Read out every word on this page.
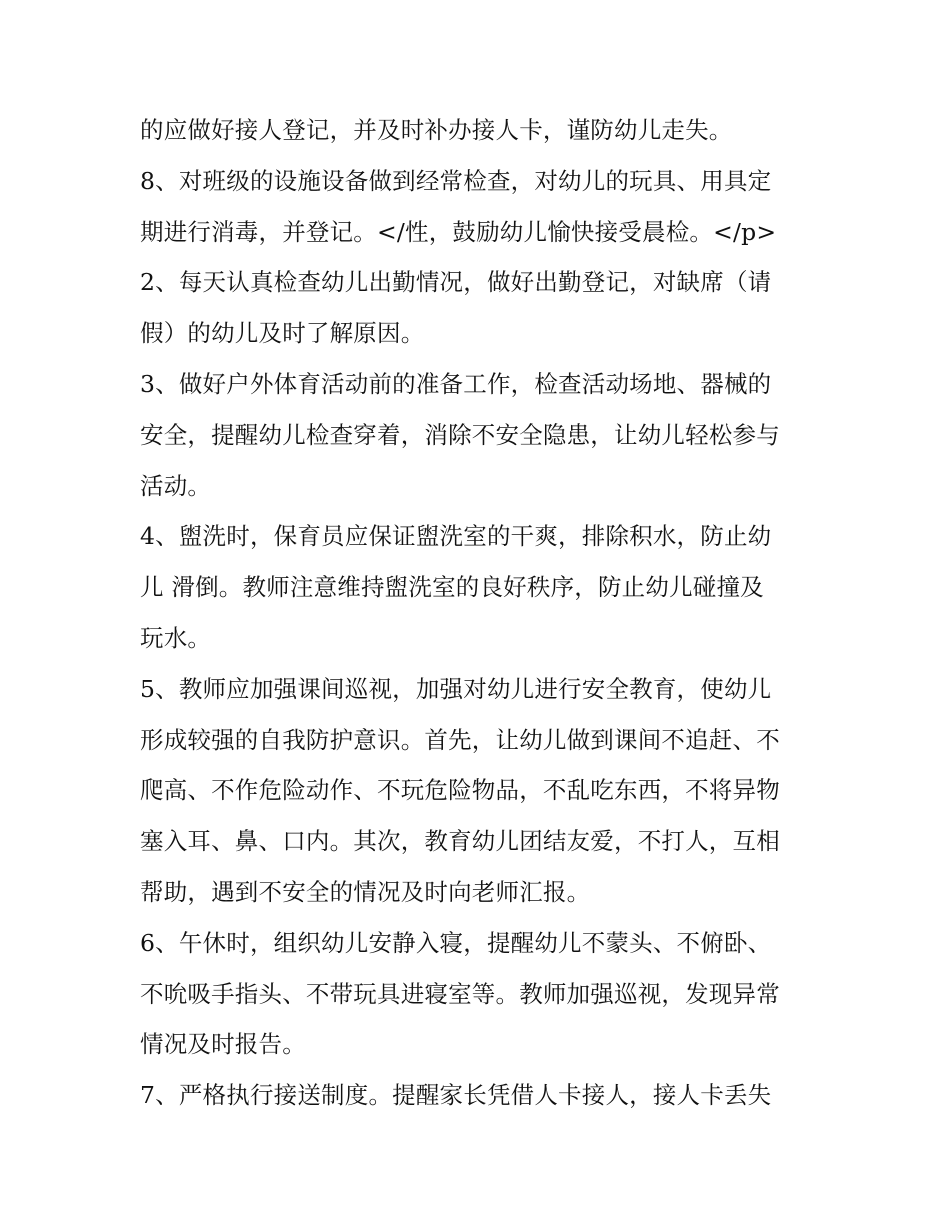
的应做好接人登记，并及时补办接人卡，谨防幼儿走失。
8、对班级的设施设备做到经常检查，对幼儿的玩具、用具定
期进行消毒，并登记。</性，鼓励幼儿愉快接受晨检。</p>
2、每天认真检查幼儿出勤情况，做好出勤登记，对缺席（请
假）的幼儿及时了解原因。
3、做好户外体育活动前的准备工作，检查活动场地、器械的
安全，提醒幼儿检查穿着，消除不安全隐患，让幼儿轻松参与
活动。
4、盥洗时，保育员应保证盥洗室的干爽，排除积水，防止幼
儿 滑倒。教师注意维持盥洗室的良好秩序，防止幼儿碰撞及
玩水。
5、教师应加强课间巡视，加强对幼儿进行安全教育，使幼儿
形成较强的自我防护意识。首先，让幼儿做到课间不追赶、不
爬高、不作危险动作、不玩危险物品，不乱吃东西，不将异物
塞入耳、鼻、口内。其次，教育幼儿团结友爱，不打人，互相
帮助，遇到不安全的情况及时向老师汇报。
6、午休时，组织幼儿安静入寝，提醒幼儿不蒙头、不俯卧、
不吮吸手指头、不带玩具进寝室等。教师加强巡视，发现异常
情况及时报告。
7、严格执行接送制度。提醒家长凭借人卡接人，接人卡丢失
